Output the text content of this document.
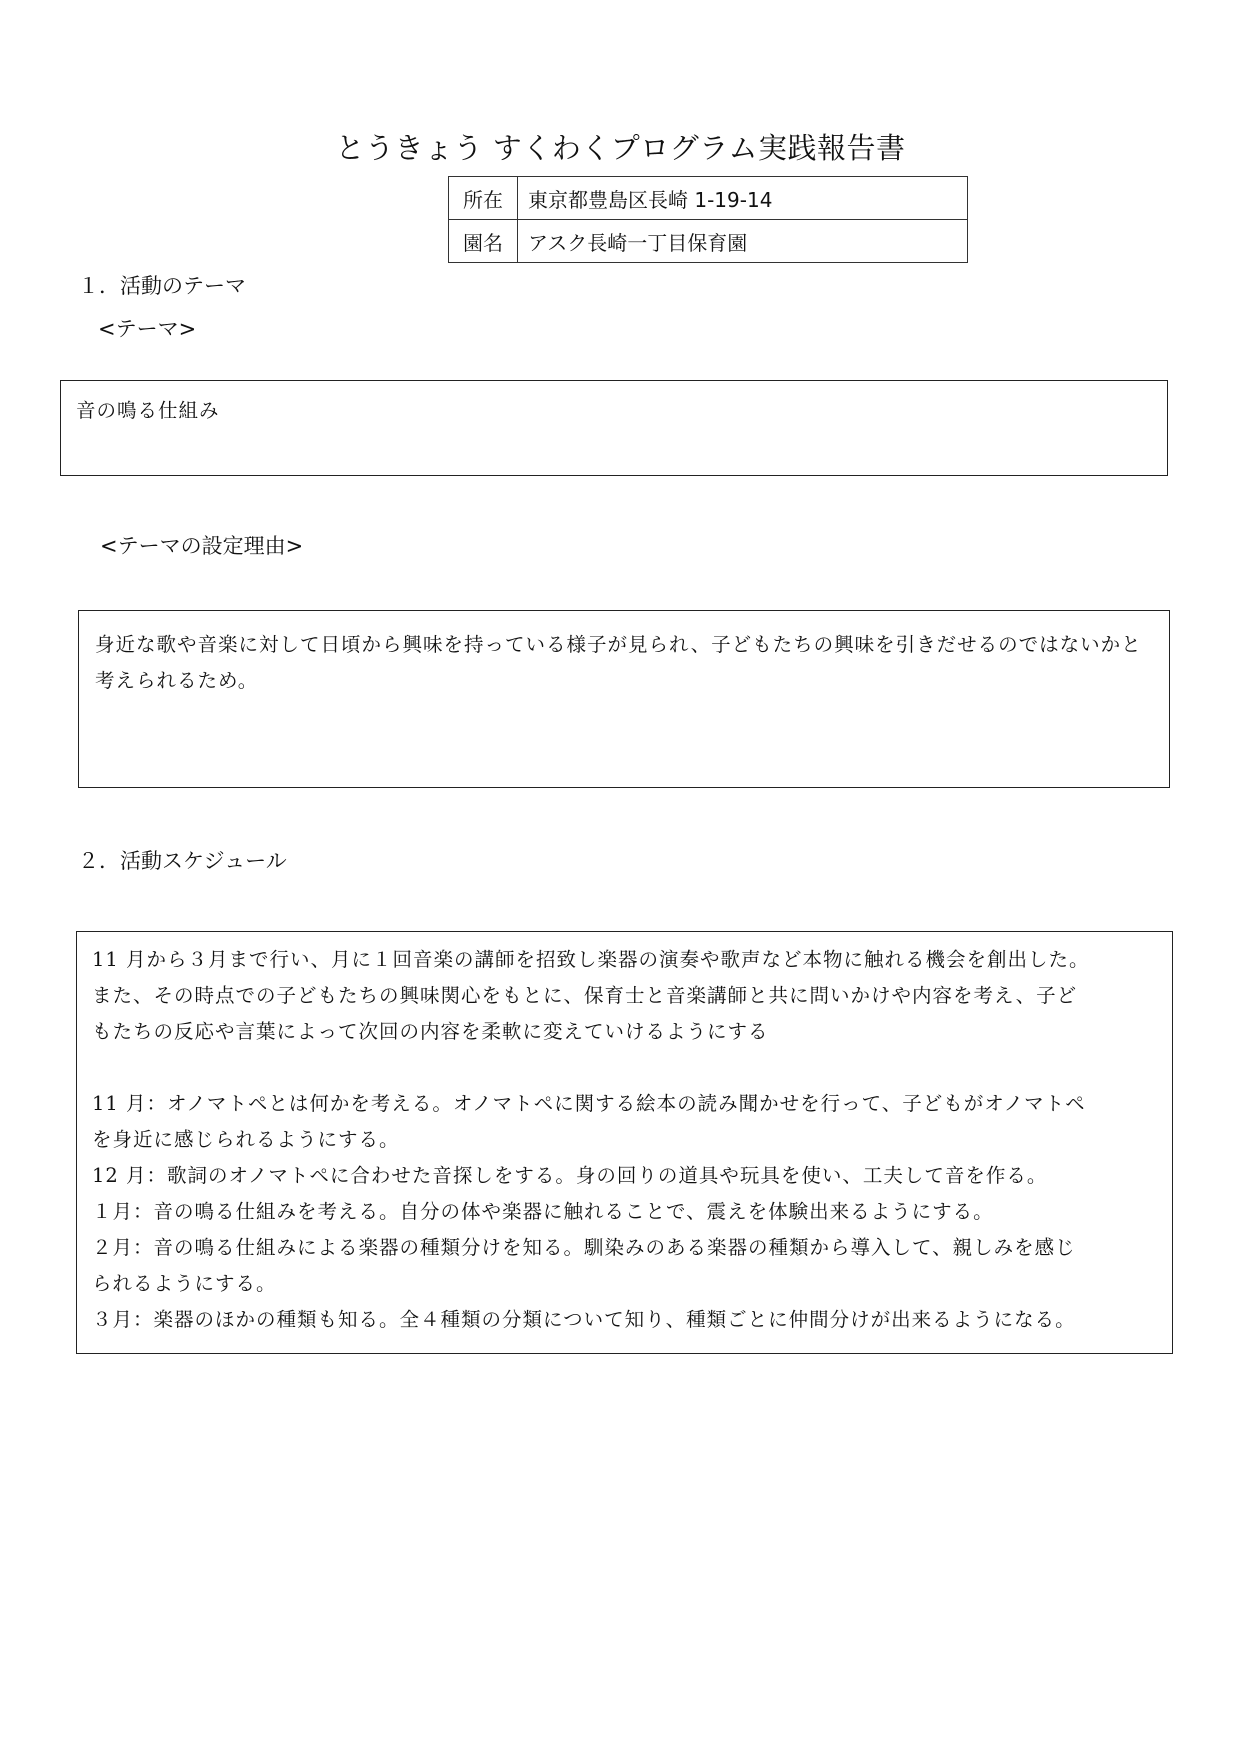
とうきょう すくわくプログラム実践報告書
所在	東京都豊島区長崎 1-19-14
園名	アスク長崎一丁目保育園
１．活動のテーマ
<テーマ>

音の鳴る仕組み

<テーマの設定理由>

身近な歌や音楽に対して日頃から興味を持っている様子が見られ、子どもたちの興味を引きだせるのではないかと考えられるため。

２．活動スケジュール

11 月から３月まで行い、月に１回音楽の講師を招致し楽器の演奏や歌声など本物に触れる機会を創出した。

また、その時点での子どもたちの興味関心をもとに、保育士と音楽講師と共に問いかけや内容を考え、子ど

もたちの反応や言葉によって次回の内容を柔軟に変えていけるようにする

11 月：オノマトペとは何かを考える。オノマトペに関する絵本の読み聞かせを行って、子どもがオノマトペ

を身近に感じられるようにする。

12 月：歌詞のオノマトペに合わせた音探しをする。身の回りの道具や玩具を使い、工夫して音を作る。

１月：音の鳴る仕組みを考える。自分の体や楽器に触れることで、震えを体験出来るようにする。

２月：音の鳴る仕組みによる楽器の種類分けを知る。馴染みのある楽器の種類から導入して、親しみを感じ

られるようにする。

３月：楽器のほかの種類も知る。全４種類の分類について知り、種類ごとに仲間分けが出来るようになる。
